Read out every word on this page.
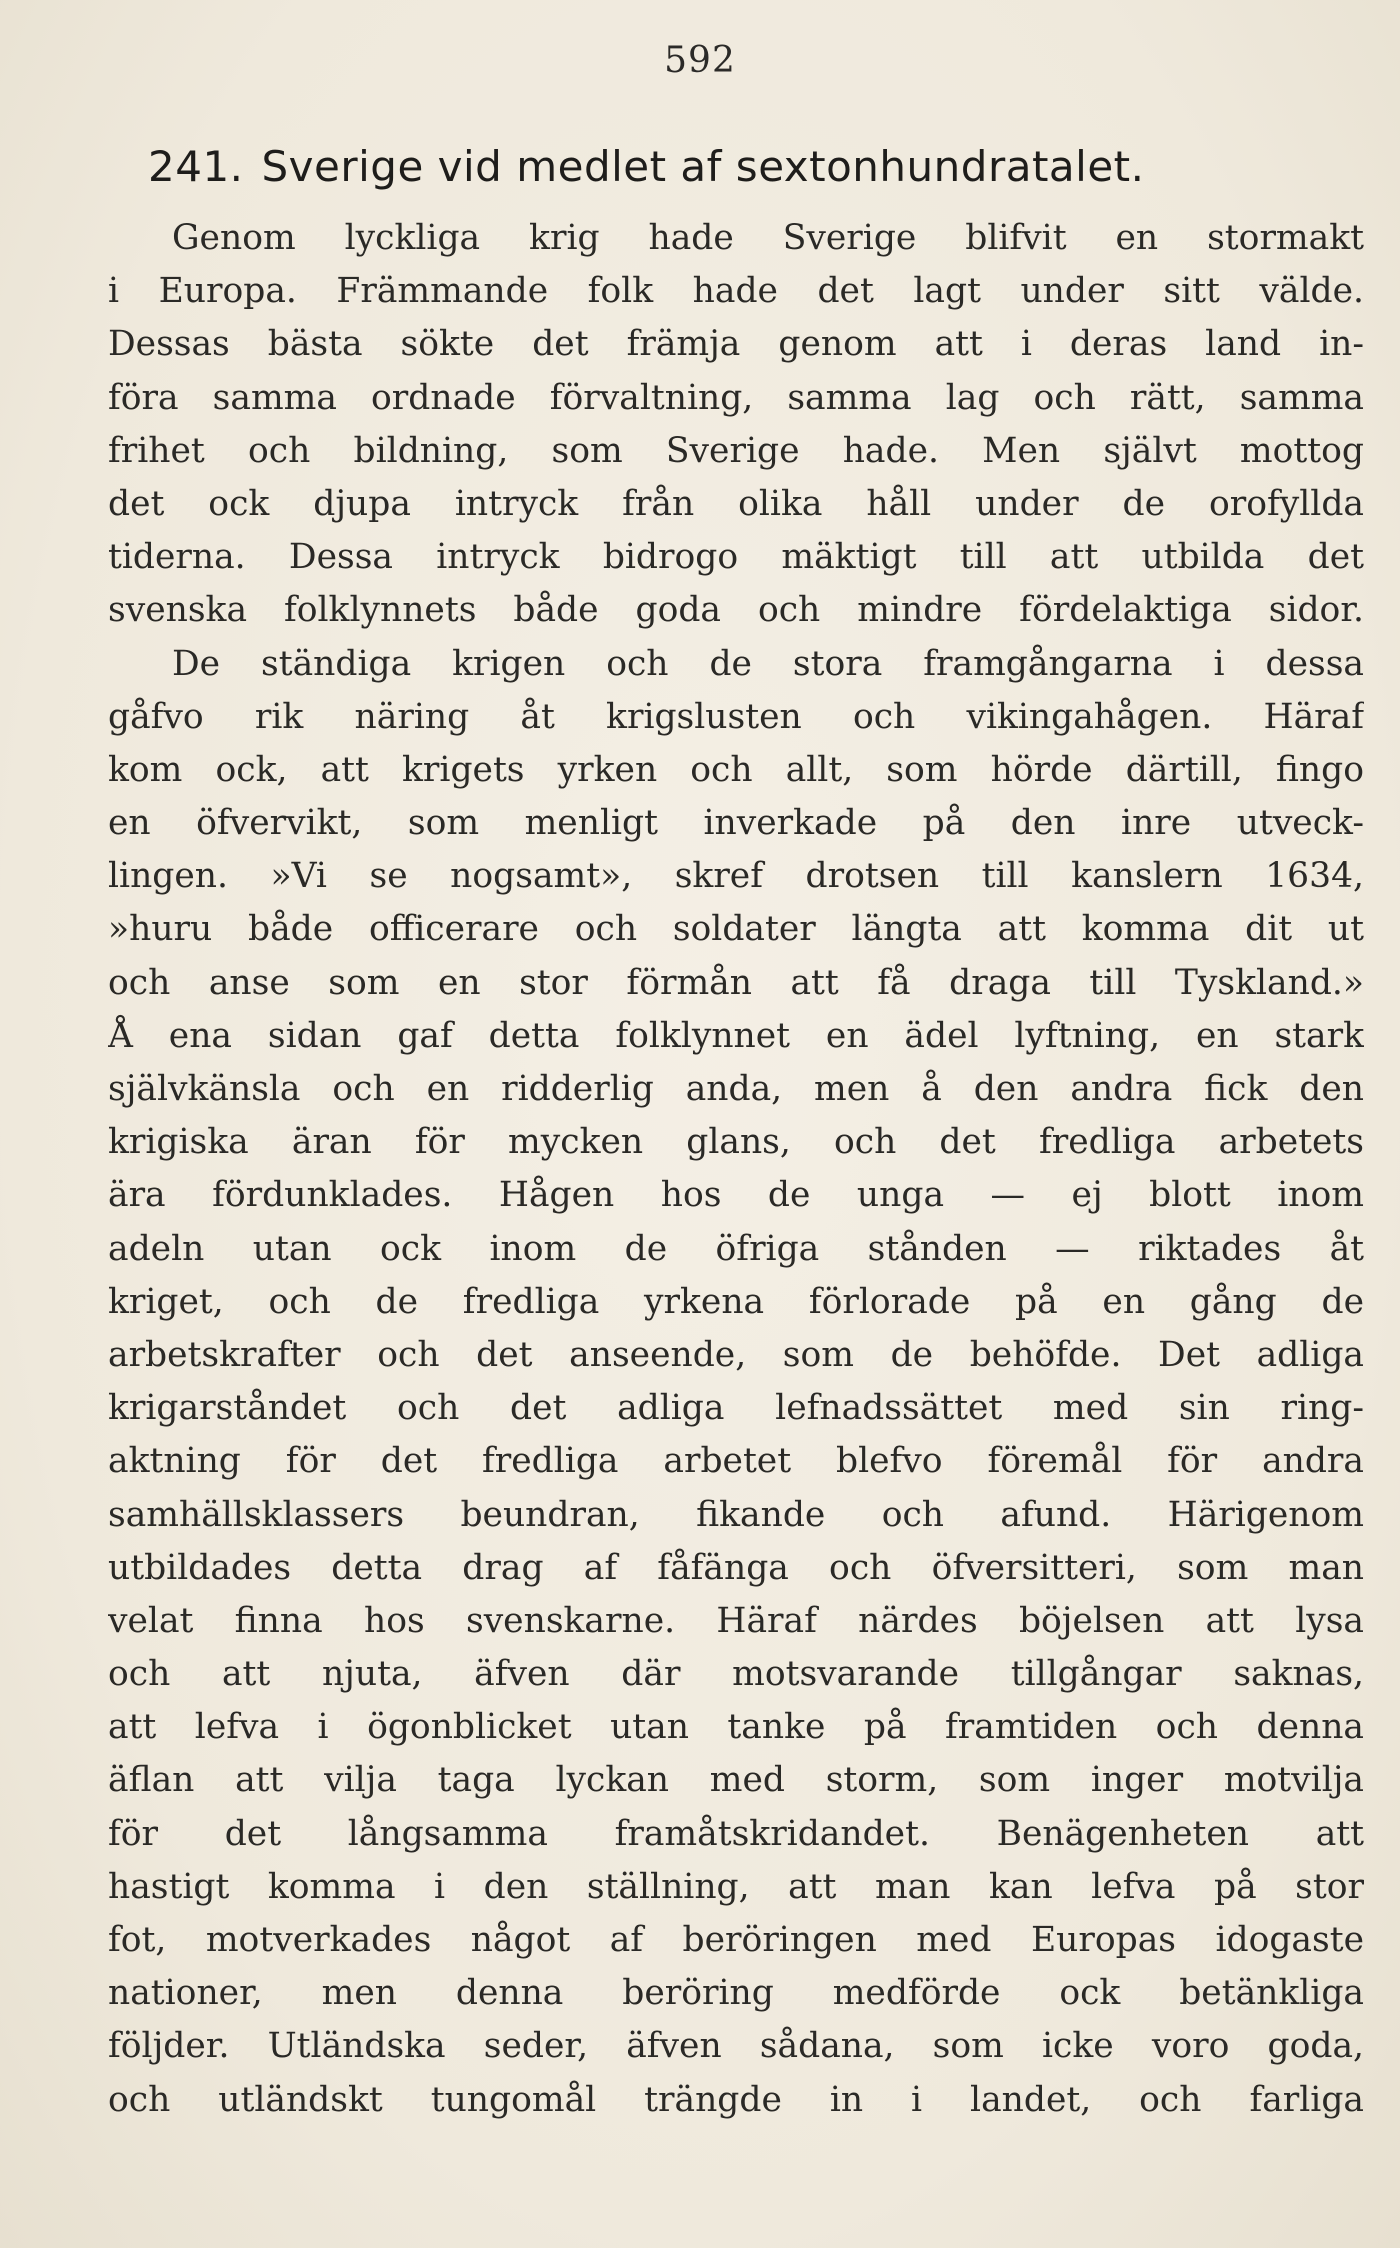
592
241. Sverige vid medlet af sextonhundratalet.
Genom lyckliga krig hade Sverige blifvit en stormakt
i Europa. Främmande folk hade det lagt under sitt välde.
Dessas bästa sökte det främja genom att i deras land in-
föra samma ordnade förvaltning, samma lag och rätt, samma
frihet och bildning, som Sverige hade. Men självt mottog
det ock djupa intryck från olika håll under de orofyllda
tiderna. Dessa intryck bidrogo mäktigt till att utbilda det
svenska folklynnets både goda och mindre fördelaktiga sidor.
De ständiga krigen och de stora framgångarna i dessa
gåfvo rik näring åt krigslusten och vikingahågen. Häraf
kom ock, att krigets yrken och allt, som hörde därtill, fingo
en öfvervikt, som menligt inverkade på den inre utveck-
lingen. »Vi se nogsamt», skref drotsen till kanslern 1634,
»huru både officerare och soldater längta att komma dit ut
och anse som en stor förmån att få draga till Tyskland.»
Å ena sidan gaf detta folklynnet en ädel lyftning, en stark
självkänsla och en ridderlig anda, men å den andra fick den
krigiska äran för mycken glans, och det fredliga arbetets
ära fördunklades. Hågen hos de unga — ej blott inom
adeln utan ock inom de öfriga stånden — riktades åt
kriget, och de fredliga yrkena förlorade på en gång de
arbetskrafter och det anseende, som de behöfde. Det adliga
krigarståndet och det adliga lefnadssättet med sin ring-
aktning för det fredliga arbetet blefvo föremål för andra
samhällsklassers beundran, fikande och afund. Härigenom
utbildades detta drag af fåfänga och öfversitteri, som man
velat finna hos svenskarne. Häraf närdes böjelsen att lysa
och att njuta, äfven där motsvarande tillgångar saknas,
att lefva i ögonblicket utan tanke på framtiden och denna
äflan att vilja taga lyckan med storm, som inger motvilja
för det långsamma framåtskridandet. Benägenheten att
hastigt komma i den ställning, att man kan lefva på stor
fot, motverkades något af beröringen med Europas idogaste
nationer, men denna beröring medförde ock betänkliga
följder. Utländska seder, äfven sådana, som icke voro goda,
och utländskt tungomål trängde in i landet, och farliga
